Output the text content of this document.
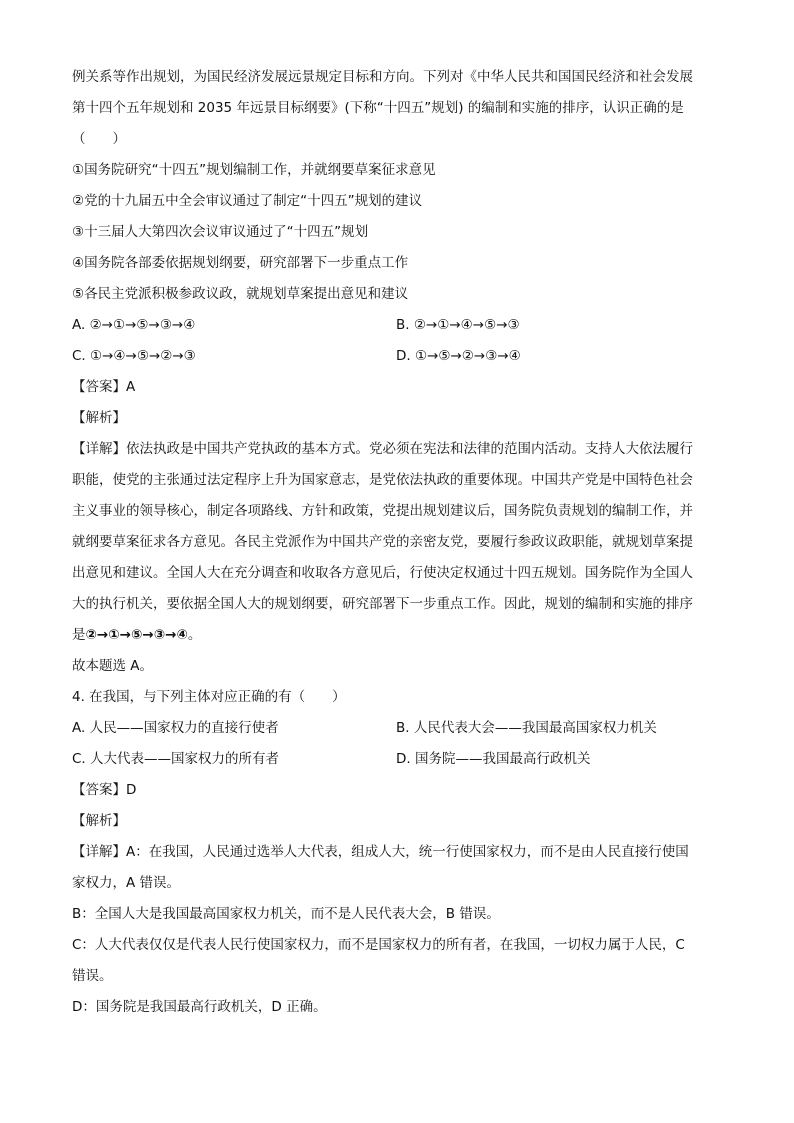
例关系等作出规划，为国民经济发展远景规定目标和方向。下列对《中华人民共和国国民经济和社会发展
第十四个五年规划和 2035 年远景目标纲要》(下称“十四五”规划) 的编制和实施的排序，认识正确的是
（　　）
①国务院研究“十四五”规划编制工作，并就纲要草案征求意见
②党的十九届五中全会审议通过了制定“十四五”规划的建议
③十三届人大第四次会议审议通过了“十四五”规划
④国务院各部委依据规划纲要，研究部署下一步重点工作
⑤各民主党派积极参政议政，就规划草案提出意见和建议
A. ②→①→⑤→③→④	B. ②→①→④→⑤→③
C. ①→④→⑤→②→③	D. ①→⑤→②→③→④
【答案】A
【解析】
【详解】依法执政是中国共产党执政的基本方式。党必须在宪法和法律的范围内活动。支持人大依法履行
职能，使党的主张通过法定程序上升为国家意志，是党依法执政的重要体现。中国共产党是中国特色社会
主义事业的领导核心，制定各项路线、方针和政策，党提出规划建议后，国务院负责规划的编制工作，并
就纲要草案征求各方意见。各民主党派作为中国共产党的亲密友党，要履行参政议政职能，就规划草案提
出意见和建议。全国人大在充分调查和收取各方意见后，行使决定权通过十四五规划。国务院作为全国人
大的执行机关，要依据全国人大的规划纲要，研究部署下一步重点工作。因此，规划的编制和实施的排序
是②→①→⑤→③→④。
故本题选 A。
4. 在我国，与下列主体对应正确的有（　　）
A. 人民——国家权力的直接行使者	B. 人民代表大会——我国最高国家权力机关
C. 人大代表——国家权力的所有者	D. 国务院——我国最高行政机关
【答案】D
【解析】
【详解】A：在我国，人民通过选举人大代表，组成人大，统一行使国家权力，而不是由人民直接行使国
家权力，A 错误。
B：全国人大是我国最高国家权力机关，而不是人民代表大会，B 错误。
C：人大代表仅仅是代表人民行使国家权力，而不是国家权力的所有者，在我国，一切权力属于人民，C
错误。
D：国务院是我国最高行政机关，D 正确。
